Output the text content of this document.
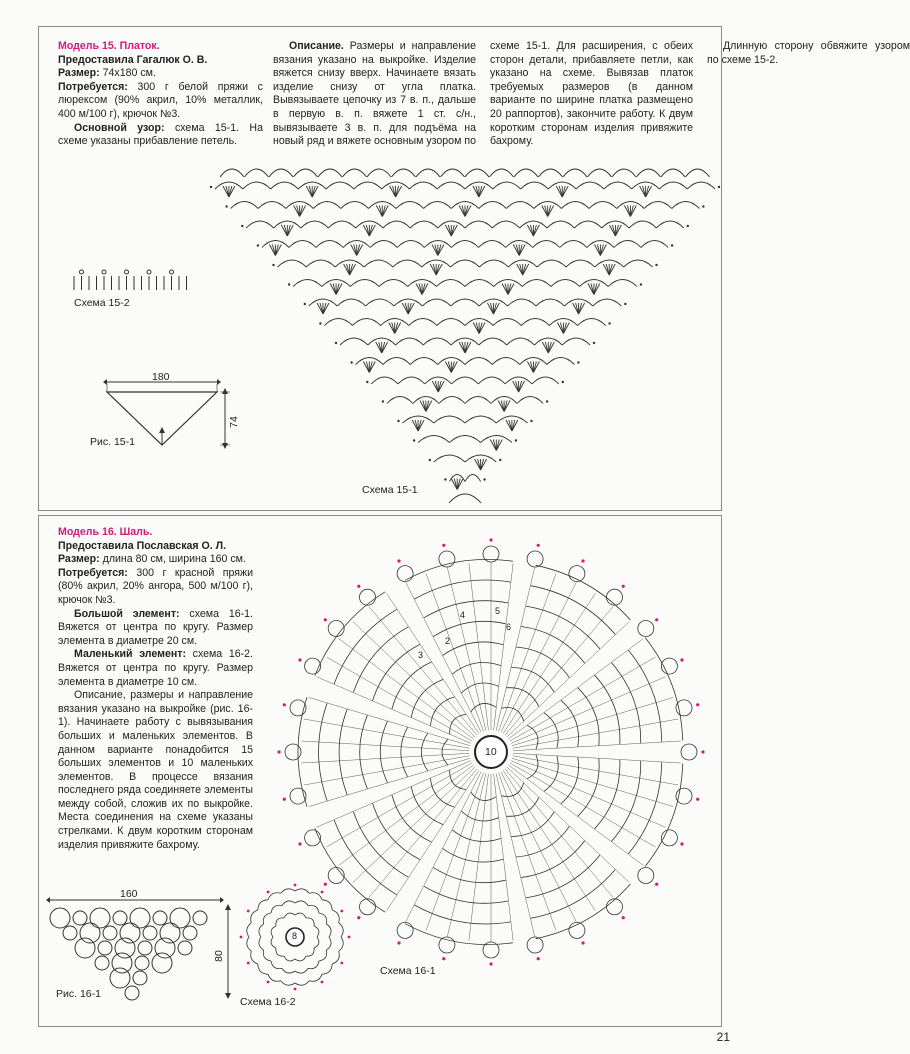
Модель 15. Платок.

Предоставила Гагалюк О. В.

Размер: 74x180 см.

Потребуется: 300 г белой пряжи с люрексом (90% акрил, 10% металлик, 400 м/100 г), крючок №3.

Основной узор: схема 15-1. На схеме указаны прибавление петель.

Описание. Размеры и направление вязания указано на выкройке. Изделие вяжется снизу вверх. Начинаете вязать изделие снизу от угла платка. Вывязываете цепочку из 7 в. п., дальше в первую в. п. вяжете 1 ст. с/н., вывязываете 3 в. п. для подъёма на новый ряд и вяжете основным узором по схеме 15-1. Для расширения, с обеих сторон детали, прибавляете петли, как указано на схеме. Вывязав платок требуемых размеров (в данном варианте по ширине платка размещено 20 раппортов), закончите работу. К двум коротким сторонам изделия привяжите бахрому.

Длинную сторону обвяжите узором по схеме 15-2.

Схема 15-1
Схема 15-2
180
74
Рис. 15-1

Модель 16. Шаль.

Предоставила Пославская О. Л.

Размер: длина 80 см, ширина 160 см.

Потребуется: 300 г красной пряжи (80% акрил, 20% ангора, 500 м/100 г), крючок №3.

Большой элемент: схема 16-1. Вяжется от центра по кругу. Размер элемента в диаметре 20 см.

Маленький элемент: схема 16-2. Вяжется от центра по кругу. Размер элемента в диаметре 10 см.

Описание, размеры и направление вязания указано на выкройке (рис. 16-1). Начинаете работу с вывязывания больших и маленьких элементов. В данном варианте понадобится 15 больших элементов и 10 маленьких элементов. В процессе вязания последнего ряда соединяете элементы между собой, сложив их по выкройке. Места соединения на схеме указаны стрелками. К двум коротким сторонам изделия привяжите бахрому.

10
Схема 16-1
2
3
4	5
6
8
Схема 16-2
160
80
Рис. 16-1
21
